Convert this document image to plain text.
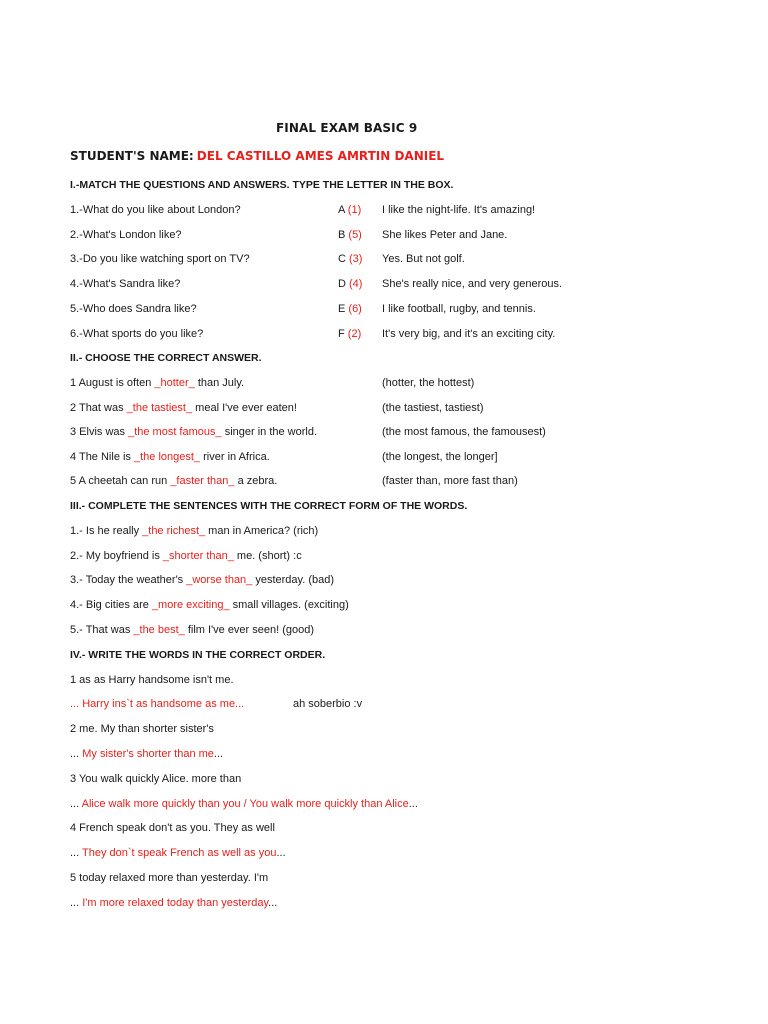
FINAL EXAM BASIC 9
STUDENT'S NAME: DEL CASTILLO AMES AMRTIN DANIEL
I.-MATCH THE QUESTIONS AND ANSWERS. TYPE THE LETTER IN THE BOX.
1.-What do you like about London?	A (1) I like the night-life. It's amazing!
2.-What's London like?	B (5) She likes Peter and Jane.
3.-Do you like watching sport on TV?	C (3) Yes. But not golf.
4.-What's Sandra like?	D (4) She's really nice, and very generous.
5.-Who does Sandra like?	E (6) I like football, rugby, and tennis.
6.-What sports do you like?	F (2) It's very big, and it's an exciting city.
II.- CHOOSE THE CORRECT ANSWER.
1 August is often _hotter_ than July.	(hotter, the hottest)
2 That was _the tastiest_ meal I've ever eaten!	(the tastiest, tastiest)
3 Elvis was _the most famous_ singer in the world.	(the most famous, the famousest)
4 The Nile is _the longest_ river in Africa.	(the longest, the longer]
5 A cheetah can run _faster than_ a zebra.	(faster than, more fast than)
III.- COMPLETE THE SENTENCES WITH THE CORRECT FORM OF THE WORDS.
1.- Is he really _the richest_ man in America? (rich)
2.- My boyfriend is _shorter than_ me. (short) :c
3.- Today the weather's _worse than_ yesterday. (bad)
4.- Big cities are _more exciting_ small villages. (exciting)
5.- That was _the best_ film I've ever seen! (good)
IV.- WRITE THE WORDS IN THE CORRECT ORDER.
1 as as Harry handsome isn't me.
... Harry ins`t as handsome as me...	ah soberbio :v
2 me. My than shorter sister's
... My sister's shorter than me...
3 You walk quickly Alice. more than
... Alice walk more quickly than you / You walk more quickly than Alice...
4 French speak don't as you. They as well
... They don`t speak French as well as you...
5 today relaxed more than yesterday. I'm
... I'm more relaxed today than yesterday...
